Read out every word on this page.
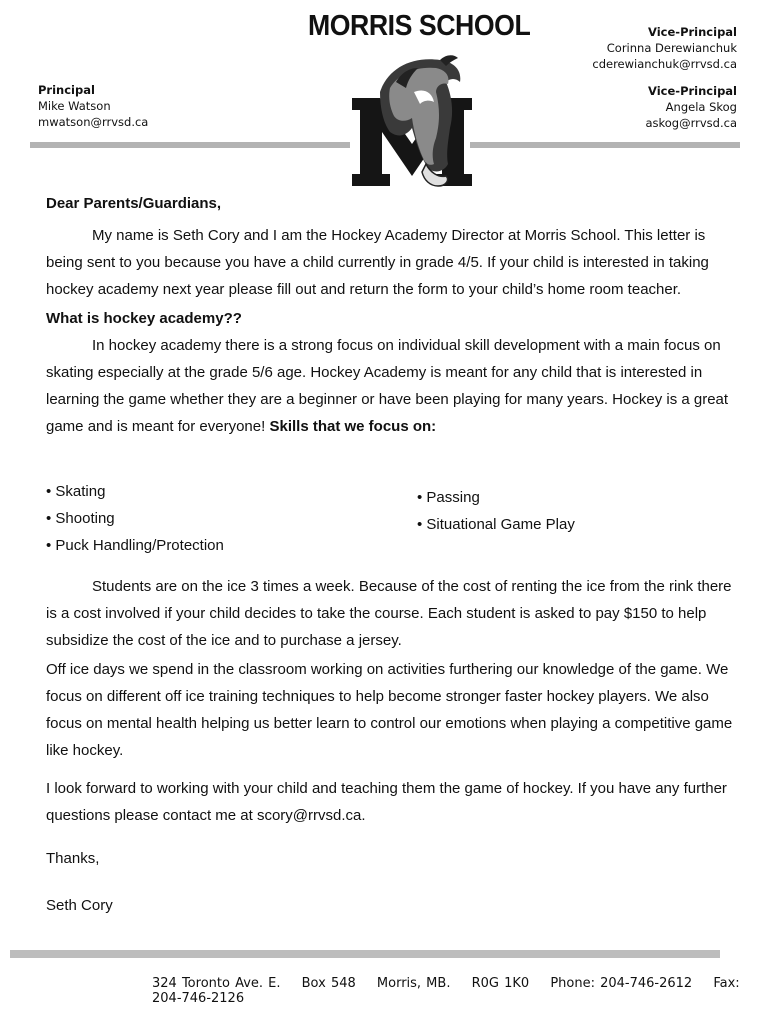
MORRIS SCHOOL
Principal
Mike Watson
mwatson@rrvsd.ca
Vice-Principal
Corinna Derewianchuk
cderewianchuk@rrvsd.ca
Vice-Principal
Angela Skog
askog@rrvsd.ca

Dear Parents/Guardians,

My name is Seth Cory and I am the Hockey Academy Director at Morris School. This letter is being sent to you because you have a child currently in grade 4/5. If your child is interested in taking hockey academy next year please fill out and return the form to your child’s home room teacher.

What is hockey academy??

In hockey academy there is a strong focus on individual skill development with a main focus on skating especially at the grade 5/6 age. Hockey Academy is meant for any child that is interested in learning the game whether they are a beginner or have been playing for many years. Hockey is a great game and is meant for everyone! Skills that we focus on:

• Skating
• Shooting
• Puck Handling/Protection
• Passing
• Situational Game Play

Students are on the ice 3 times a week. Because of the cost of renting the ice from the rink there is a cost involved if your child decides to take the course. Each student is asked to pay $150 to help subsidize the cost of the ice and to purchase a jersey.

Off ice days we spend in the classroom working on activities furthering our knowledge of the game. We focus on different off ice training techniques to help become stronger faster hockey players. We also focus on mental health helping us better learn to control our emotions when playing a competitive game like hockey.

I look forward to working with your child and teaching them the game of hockey. If you have any further questions please contact me at scory@rrvsd.ca.

Thanks,

Seth Cory

324 Toronto Ave. E. Box 548 Morris, MB. R0G 1K0 Phone: 204-746-2612 Fax: 204-746-2126
